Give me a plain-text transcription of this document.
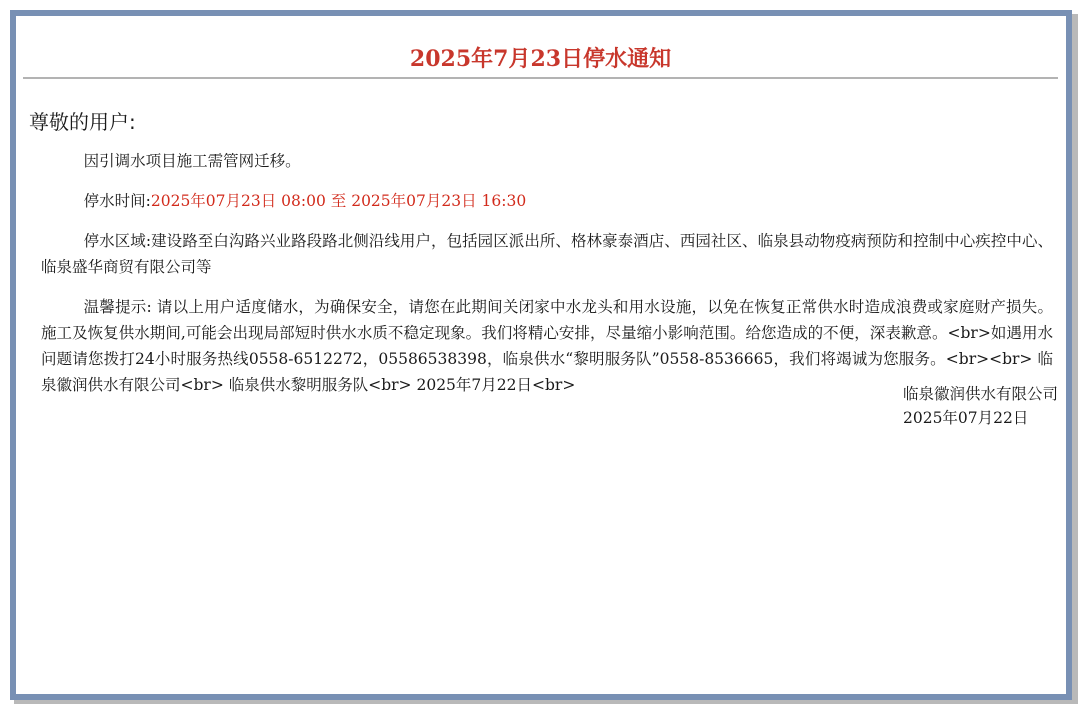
2025年7月23日停水通知
尊敬的用户:

因引调水项目施工需管网迁移。

停水时间:2025年07月23日 08:00 至 2025年07月23日 16:30

停水区域:建设路至白沟路兴业路段路北侧沿线用户，包括园区派出所、格林豪泰酒店、西园社区、临泉县动物疫病预防和控制中心疾控中心、临泉盛华商贸有限公司等

温馨提示: 请以上用户适度储水，为确保安全，请您在此期间关闭家中水龙头和用水设施，以免在恢复正常供水时造成浪费或家庭财产损失。施工及恢复供水期间,可能会出现局部短时供水水质不稳定现象。我们将精心安排，尽量缩小影响范围。给您造成的不便，深表歉意。<br>如遇用水问题请您拨打24小时服务热线0558-6512272，05586538398，临泉供水“黎明服务队”0558-8536665，我们将竭诚为您服务。<br><br> 临泉徽润供水有限公司<br> 临泉供水黎明服务队<br> 2025年7月22日<br>	临泉徽润供水有限公司
2025年07月22日
